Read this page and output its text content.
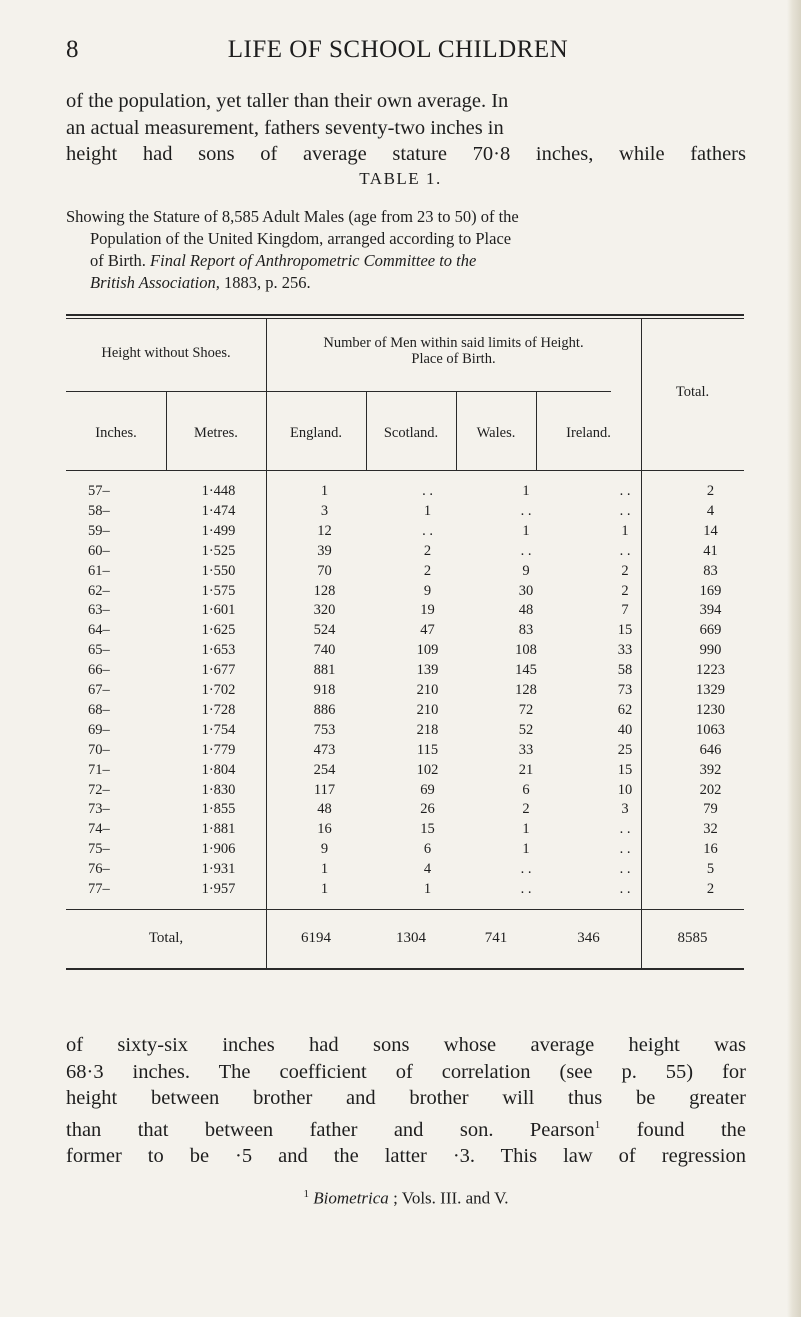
8	LIFE OF SCHOOL CHILDREN

of the population, yet taller than their own average. In
an actual measurement, fathers seventy-two inches in
height had sons of average stature 70·8 inches, while fathers

TABLE 1.
Showing the Stature of 8,585 Adult Males (age from 23 to 50) of the
Population of the United Kingdom, arranged according to Place
of Birth. Final Report of Anthropometric Committee to the
British Association, 1883, p. 256.
Height without Shoes.
Number of Men within said limits of Height.
Place of Birth.
Total.
Inches.	Metres.	England.	Scotland.	Wales.	Ireland.
57–	1·448	1	. .	1	. .	2
58–	1·474	3	1	. .	. .	4
59–	1·499	12	. .	1	1	14
60–	1·525	39	2	. .	. .	41
61–	1·550	70	2	9	2	83
62–	1·575	128	9	30	2	169
63–	1·601	320	19	48	7	394
64–	1·625	524	47	83	15	669
65–	1·653	740	109	108	33	990
66–	1·677	881	139	145	58	1223
67–	1·702	918	210	128	73	1329
68–	1·728	886	210	72	62	1230
69–	1·754	753	218	52	40	1063
70–	1·779	473	115	33	25	646
71–	1·804	254	102	21	15	392
72–	1·830	117	69	6	10	202
73–	1·855	48	26	2	3	79
74–	1·881	16	15	1	. .	32
75–	1·906	9	6	1	. .	16
76–	1·931	1	4	. .	. .	5
77–	1·957	1	1	. .	. .	2
Total,	6194	1304	741	346	8585

of sixty-six inches had sons whose average height was
68·3 inches. The coefficient of correlation (see p. 55) for
height between brother and brother will thus be greater
than that between father and son. Pearson$^1$ found the
former to be ·5 and the latter ·3. This law of regression

$^1$ Biometrica ; Vols. III. and V.
